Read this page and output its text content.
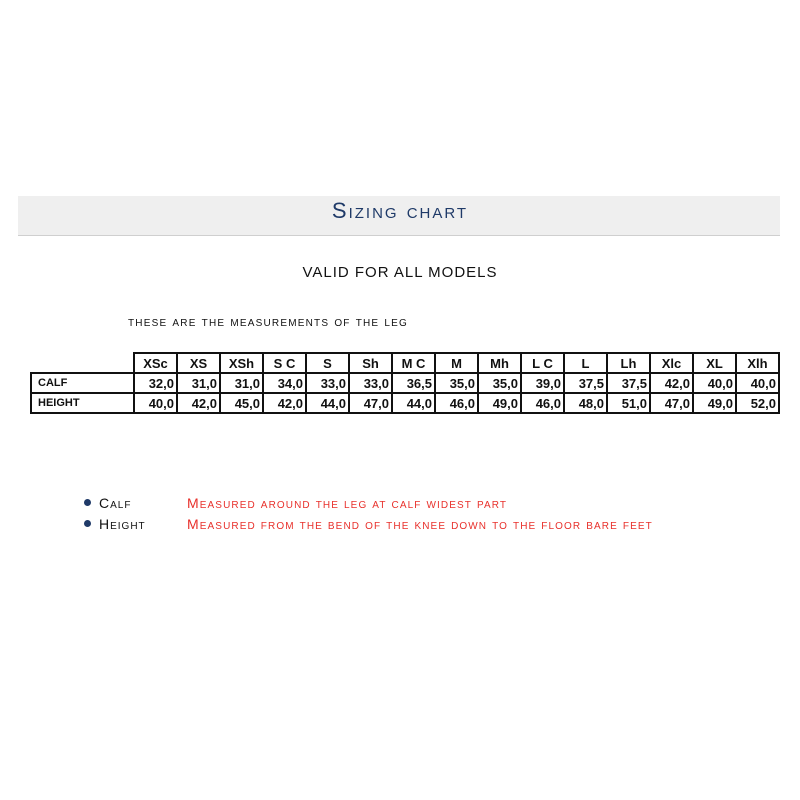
Sizing chart
VALID FOR ALL MODELS
these are the measurements of the leg
	XSc	XS	XSh	S C	S	Sh	M C	M	Mh	L C	L	Lh	Xlc	XL	Xlh
CALF	32,0	31,0	31,0	34,0	33,0	33,0	36,5	35,0	35,0	39,0	37,5	37,5	42,0	40,0	40,0
HEIGHT	40,0	42,0	45,0	42,0	44,0	47,0	44,0	46,0	49,0	46,0	48,0	51,0	47,0	49,0	52,0
Calf	Measured around the leg at calf widest part
Height	Measured from the bend of the knee down to the floor bare feet
